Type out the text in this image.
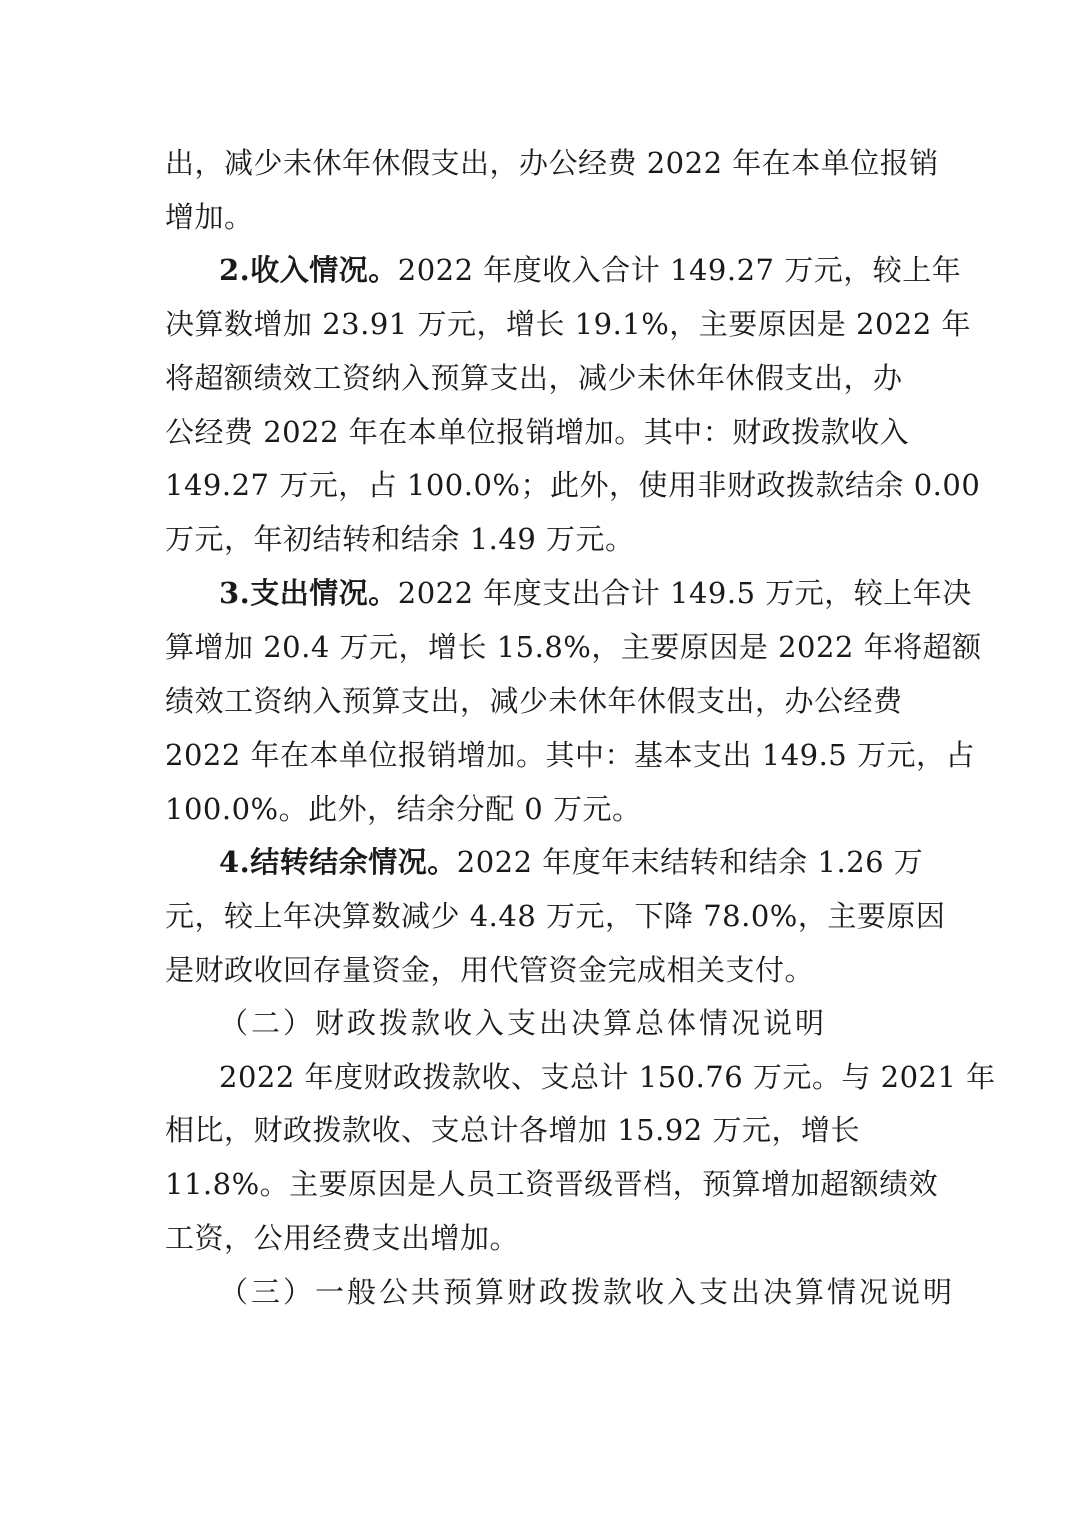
出，减少未休年休假支出，办公经费 2022 年在本单位报销
增加。
2.收入情况。2022 年度收入合计 149.27 万元，较上年
决算数增加 23.91 万元，增长 19.1%，主要原因是 2022 年
将超额绩效工资纳入预算支出，减少未休年休假支出，办
公经费 2022 年在本单位报销增加。其中：财政拨款收入
149.27 万元，占 100.0%；此外，使用非财政拨款结余 0.00
万元，年初结转和结余 1.49 万元。
3.支出情况。2022 年度支出合计 149.5 万元，较上年决
算增加 20.4 万元，增长 15.8%，主要原因是 2022 年将超额
绩效工资纳入预算支出，减少未休年休假支出，办公经费
2022 年在本单位报销增加。其中：基本支出 149.5 万元，占
100.0%。此外，结余分配 0 万元。
4.结转结余情况。2022 年度年末结转和结余 1.26 万
元，较上年决算数减少 4.48 万元，下降 78.0%，主要原因
是财政收回存量资金，用代管资金完成相关支付。
（二）财政拨款收入支出决算总体情况说明
2022 年度财政拨款收、支总计 150.76 万元。与 2021 年
相比，财政拨款收、支总计各增加 15.92 万元，增长
11.8%。主要原因是人员工资晋级晋档，预算增加超额绩效
工资，公用经费支出增加。
（三）一般公共预算财政拨款收入支出决算情况说明
